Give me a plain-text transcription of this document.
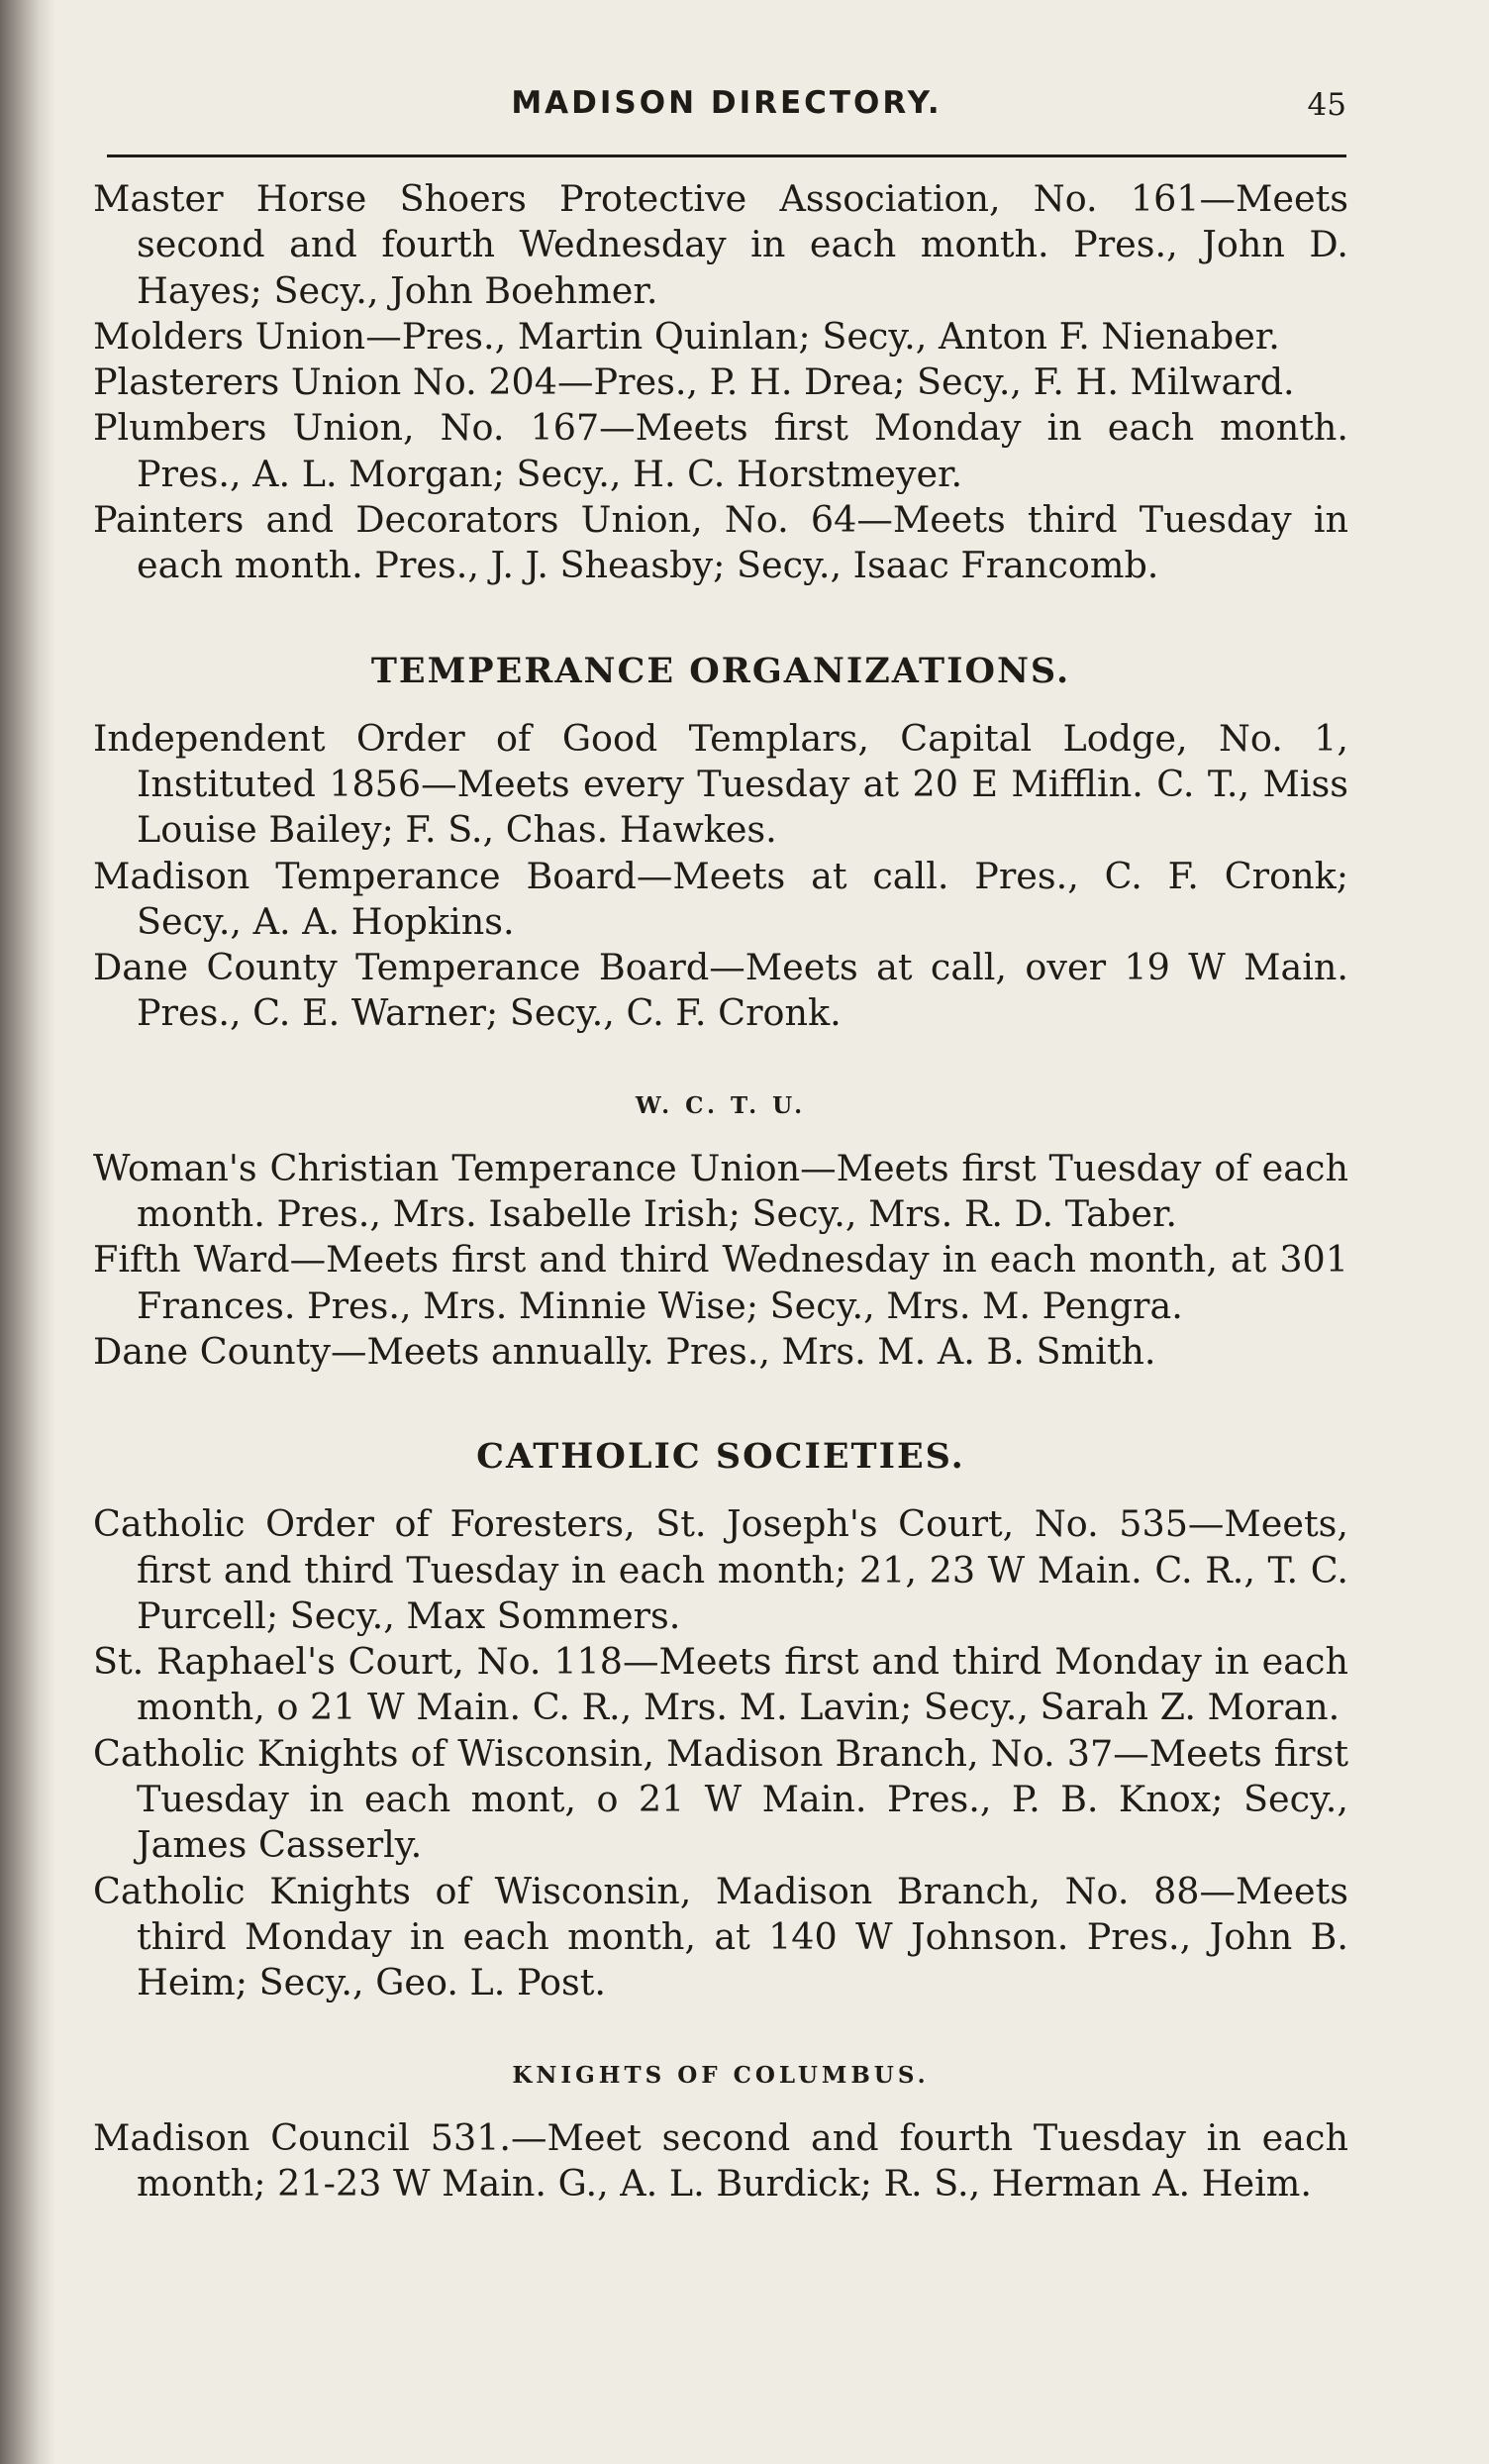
MADISON DIRECTORY.	45

Master Horse Shoers Protective Association, No. 161—Meets second and fourth Wednesday in each month. Pres., John D. Hayes; Secy., John Boehmer.

Molders Union—Pres., Martin Quinlan; Secy., Anton F. Nienaber.

Plasterers Union No. 204—Pres., P. H. Drea; Secy., F. H. Milward.

Plumbers Union, No. 167—Meets first Monday in each month. Pres., A. L. Morgan; Secy., H. C. Horstmeyer.

Painters and Decorators Union, No. 64—Meets third Tuesday in each month. Pres., J. J. Sheasby; Secy., Isaac Francomb.

TEMPERANCE ORGANIZATIONS.

Independent Order of Good Templars, Capital Lodge, No. 1, Instituted 1856—Meets every Tuesday at 20 E Mifflin. C. T., Miss Louise Bailey; F. S., Chas. Hawkes.

Madison Temperance Board—Meets at call. Pres., C. F. Cronk; Secy., A. A. Hopkins.

Dane County Temperance Board—Meets at call, over 19 W Main. Pres., C. E. Warner; Secy., C. F. Cronk.

W. C. T. U.

Woman's Christian Temperance Union—Meets first Tuesday of each month. Pres., Mrs. Isabelle Irish; Secy., Mrs. R. D. Taber.

Fifth Ward—Meets first and third Wednesday in each month, at 301 Frances. Pres., Mrs. Minnie Wise; Secy., Mrs. M. Pengra.

Dane County—Meets annually. Pres., Mrs. M. A. B. Smith.

CATHOLIC SOCIETIES.

Catholic Order of Foresters, St. Joseph's Court, No. 535—Meets, first and third Tuesday in each month; 21, 23 W Main. C. R., T. C. Purcell; Secy., Max Sommers.

St. Raphael's Court, No. 118—Meets first and third Monday in each month, o 21 W Main. C. R., Mrs. M. Lavin; Secy., Sarah Z. Moran.

Catholic Knights of Wisconsin, Madison Branch, No. 37—Meets first Tuesday in each mont, o 21 W Main. Pres., P. B. Knox; Secy., James Casserly.

Catholic Knights of Wisconsin, Madison Branch, No. 88—Meets third Monday in each month, at 140 W Johnson. Pres., John B. Heim; Secy., Geo. L. Post.

KNIGHTS OF COLUMBUS.

Madison Council 531.—Meet second and fourth Tuesday in each month; 21-23 W Main. G., A. L. Burdick; R. S., Herman A. Heim.
